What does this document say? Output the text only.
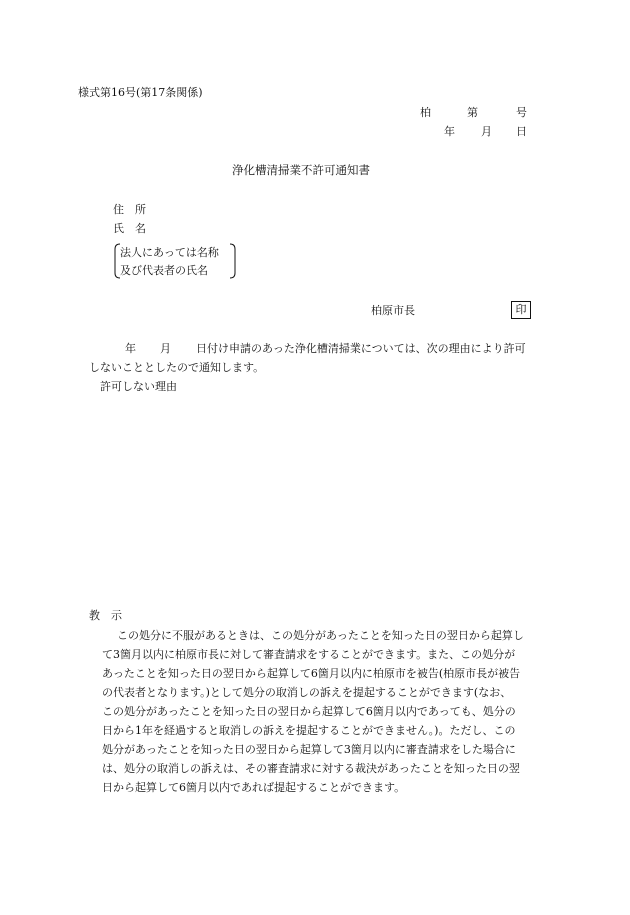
様式第16号(第17条関係)
柏	第	号
年 月 日
浄化槽清掃業不許可通知書
住　所
氏　名
法人にあっては名称
及び代表者の氏名
柏原市長	印
年 月 日付け申請のあった浄化槽清掃業については、次の理由により許可
しないこととしたので通知します。
許可しない理由
教　示
この処分に不服があるときは、この処分があったことを知った日の翌日から起算し
て3箇月以内に柏原市長に対して審査請求をすることができます。また、この処分が
あったことを知った日の翌日から起算して6箇月以内に柏原市を被告(柏原市長が被告
の代表者となります。)として処分の取消しの訴えを提起することができます(なお、
この処分があったことを知った日の翌日から起算して6箇月以内であっても、処分の
日から1年を経過すると取消しの訴えを提起することができません。)。ただし、この
処分があったことを知った日の翌日から起算して3箇月以内に審査請求をした場合に
は、処分の取消しの訴えは、その審査請求に対する裁決があったことを知った日の翌
日から起算して6箇月以内であれば提起することができます。
